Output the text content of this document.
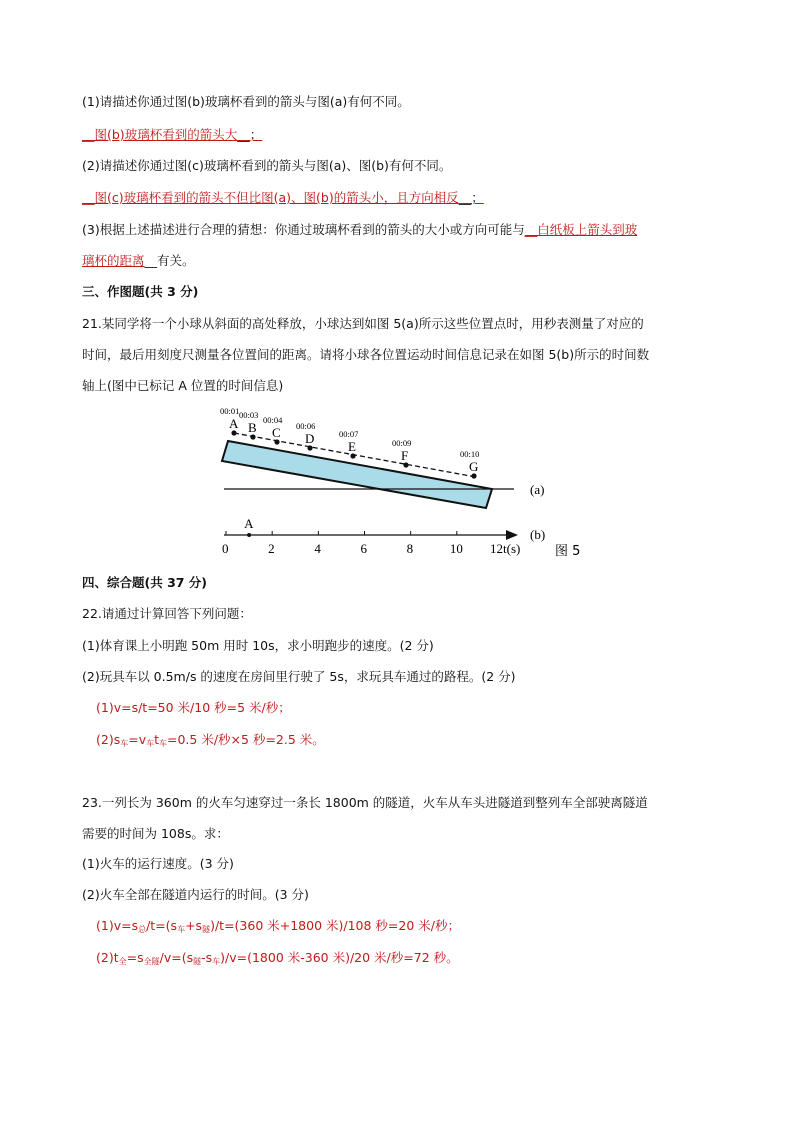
(1)请描述你通过图(b)玻璃杯看到的箭头与图(a)有何不同。
__图(b)玻璃杯看到的箭头大__；
(2)请描述你通过图(c)玻璃杯看到的箭头与图(a)、图(b)有何不同。
__图(c)玻璃杯看到的箭头不但比图(a)、图(b)的箭头小，且方向相反__；
(3)根据上述描述进行合理的猜想：你通过玻璃杯看到的箭头的大小或方向可能与__白纸板上箭头到玻
璃杯的距离__有关。
三、作图题(共 3 分)
21.某同学将一个小球从斜面的高处释放，小球达到如图 5(a)所示这些位置点时，用秒表测量了对应的
时间，最后用刻度尺测量各位置间的距离。请将小球各位置运动时间信息记录在如图 5(b)所示的时间数
轴上(图中已标记 A 位置的时间信息)
(a)
A
00:01
B
00:03
C
00:04
D
00:06
E
00:07
F
00:09
G
00:10
(b)
0	2	4	6	8	10
A
12t(s)	图 5
四、综合题(共 37 分)
22.请通过计算回答下列问题：
(1)体育课上小明跑 50m 用时 10s，求小明跑步的速度。(2 分)
(2)玩具车以 0.5m/s 的速度在房间里行驶了 5s，求玩具车通过的路程。(2 分)
(1)v=s/t=50 米/10 秒=5 米/秒；
$(2)s_车=v_车t_车=0.5$ 米/秒×5 秒=2.5 米。
23.一列长为 360m 的火车匀速穿过一条长 1800m 的隧道，火车从车头进隧道到整列车全部驶离隧道
需要的时间为 108s。求：
(1)火车的运行速度。(3 分)
(2)火车全部在隧道内运行的时间。(3 分)
$(1)v=s_总/t=(s_车+s_隧)/t=(360$ 米+1800 米)/108 秒=20 米/秒；
$(2)t_全=s_{全隧}/v=(s_隧-s_车)/v=(1800$ 米-360 米)/20 米/秒=72 秒。
